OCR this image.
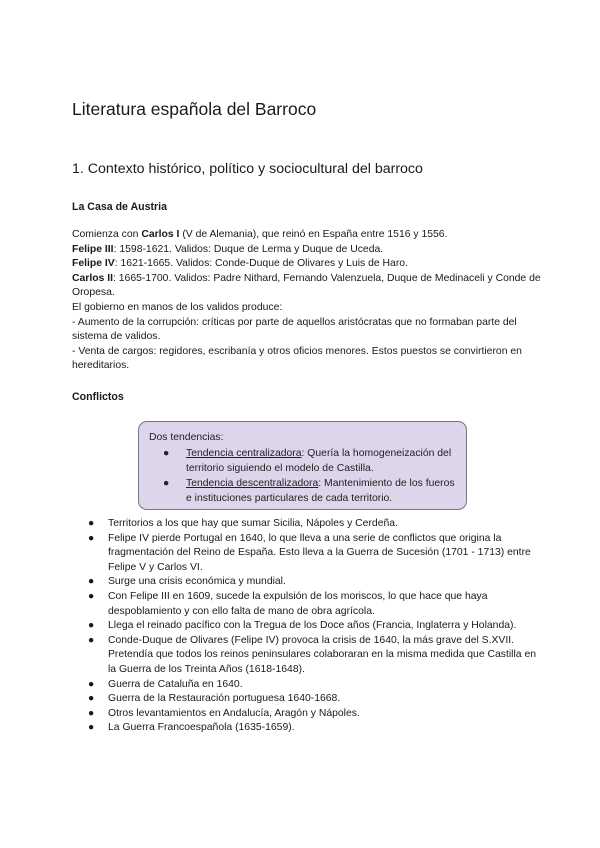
Literatura española del Barroco
1. Contexto histórico, político y sociocultural del barroco
La Casa de Austria

Comienza con Carlos I (V de Alemania), que reinó en España entre 1516 y 1556.

Felipe III: 1598-1621. Validos: Duque de Lerma y Duque de Uceda.

Felipe IV: 1621-1665. Validos: Conde-Duque de Olivares y Luis de Haro.

Carlos II: 1665-1700. Validos: Padre Nithard, Fernando Valenzuela, Duque de Medinaceli y Conde de Oropesa.

El gobierno en manos de los validos produce:

- Aumento de la corrupción: críticas por parte de aquellos aristócratas que no formaban parte del sistema de validos.

- Venta de cargos: regidores, escribanía y otros oficios menores. Estos puestos se convirtieron en hereditarios.

Conflictos
Dos tendencias:
● Tendencia centralizadora: Quería la homogeneización del territorio siguiendo el modelo de Castilla.
● Tendencia descentralizadora: Mantenimiento de los fueros e instituciones particulares de cada territorio.
● Territorios a los que hay que sumar Sicilia, Nápoles y Cerdeña.
● Felipe IV pierde Portugal en 1640, lo que lleva a una serie de conflictos que origina la fragmentación del Reino de España. Esto lleva a la Guerra de Sucesión (1701 - 1713) entre Felipe V y Carlos VI.
● Surge una crisis económica y mundial.
● Con Felipe III en 1609, sucede la expulsión de los moriscos, lo que hace que haya despoblamiento y con ello falta de mano de obra agrícola.
● Llega el reinado pacífico con la Tregua de los Doce años (Francia, Inglaterra y Holanda).
● Conde-Duque de Olivares (Felipe IV) provoca la crisis de 1640, la más grave del S.XVII. Pretendía que todos los reinos peninsulares colaboraran en la misma medida que Castilla en la Guerra de los Treinta Años (1618-1648).
● Guerra de Cataluña en 1640.
● Guerra de la Restauración portuguesa 1640-1668.
● Otros levantamientos en Andalucía, Aragón y Nápoles.
● La Guerra Francoespañola (1635-1659).
